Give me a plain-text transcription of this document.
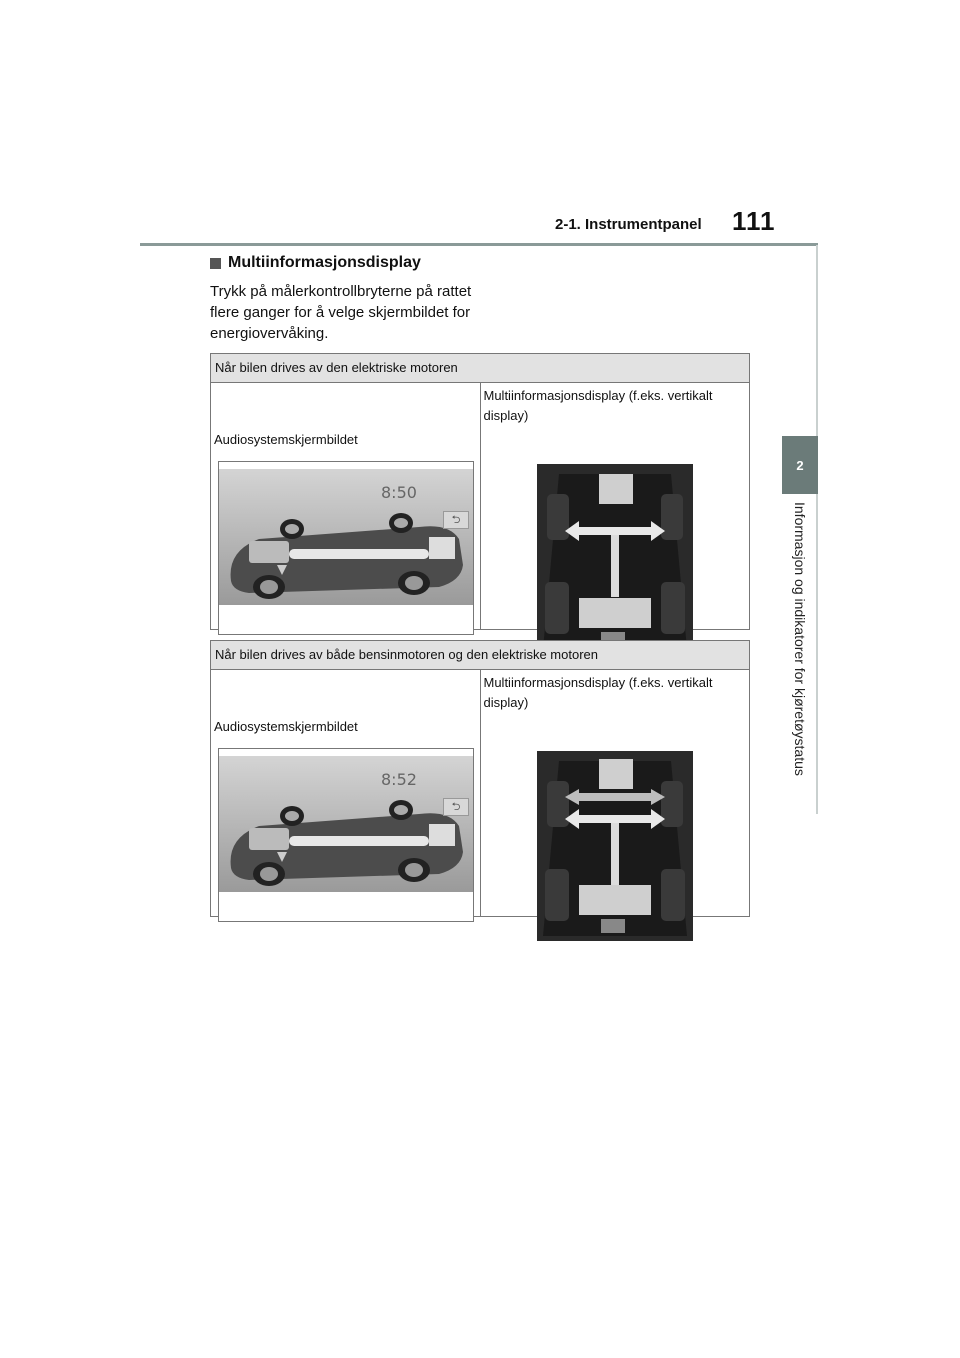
2-1. Instrumentpanel 111
2
Informasjon og indikatorer for kjøretøystatus
Multiinformasjonsdisplay
Trykk på målerkontrollbryterne på rattet flere ganger for å velge skjermbildet for energiovervåking.
Når bilen drives av den elektriske motoren

Audiosystemskjermbildet
8:50
⮌

Multiinformasjonsdisplay (f.eks. vertikalt display)
Når bilen drives av både bensinmotoren og den elektriske motoren

Audiosystemskjermbildet
8:52
⮌

Multiinformasjonsdisplay (f.eks. vertikalt display)
